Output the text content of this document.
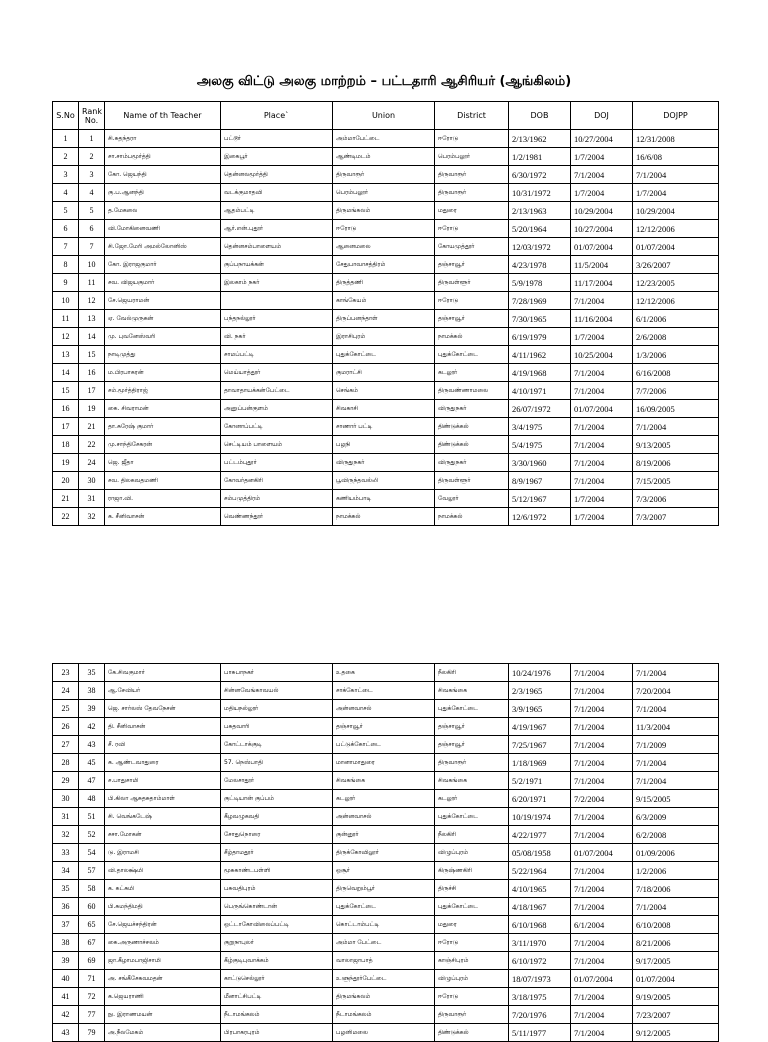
அலகு விட்டு அலகு மாற்றம் – பட்டதாரி ஆசிரியர் (ஆங்கிலம்)
S.No	Rank No.	Name of th Teacher	Place`	Union	District	DOB	DOJ	DOJPP
1	1	சி.சுதந்தரா	பட்டூர்	அம்மாபேட்டை	ஈரோடு	2/13/1962	10/27/2004	12/31/2008
2	2	சா.சாம்பமூர்த்தி	இகைபூர்	ஆண்டிமடம்	பெரம்பலூர்	1/2/1981	1/7/2004	16/6/08
3	3	கோ. ஜெயந்தி	தென்னலமூர்த்தி	திருவாரூர்	திருவாரூர்	6/30/1972	7/1/2004	7/1/2004
4	4	கு.ப.ஆனந்தி	வடக்குமாதவி	பெரம்பலூர்	திருவாரூர்	10/31/1972	1/7/2004	1/7/2004
5	5	த.மேகலை	ஆதம்பட்டி	திருமங்கலம்	மதுரை	2/13/1963	10/29/2004	10/29/2004
6	6	வி.மோகினைவணி	ஆர்.என்.புதூர்	ஈரோடு	ஈரோடு	5/20/1964	10/27/2004	12/12/2006
7	7	சி.ஜோ.மேரி அமல்லோனிஸ்	தென்னசம்பாளையம்	ஆனைமலை	கோயமுத்தூர்	12/03/1972	01/07/2004	01/07/2004
8	10	கோ. இராஜகுமார்	குப்பநாயக்கன்	சேதுபாவாசத்திரம்	தஞ்சாவூர்	4/23/1978	11/5/2004	3/26/2007
9	11	சவ. விஜயகுமார்	இலகாம் நகர்	திருத்தணி	திருவள்ளூர்	5/9/1978	11/17/2004	12/23/2005
10	12	சே.ஜெயராமன்		காங்கேயம்	ஈரோடு	7/28/1969	7/1/2004	12/12/2006
11	13	ஏ. வேல்முருகன்	பந்தநல்லூர்	திருப்பனந்தாள்	தஞ்சாவூர்	7/30/1965	11/16/2004	6/1/2006
12	14	மு. புவனேஸ்வரி	வி. நகர்	இராசிபுரம்	நாமக்கல்	6/19/1979	1/7/2004	2/6/2008
13	15	நாடிமுத்து	சாமப்பட்டி	புதுக்கோட்டை	புதுக்கோட்டை	4/11/1962	10/25/2004	1/3/2006
14	16	ம.பிரபாகரன்	மெய்யாத்தூர்	குமராட்சி	கடலூர்	4/19/1968	7/1/2004	6/16/2008
15	17	சம்.மூர்த்திராஜ்	தாவாதாயக்கன்பேட்டை	செங்கம்	திருவண்ணாமலை	4/10/1971	7/1/2004	7/7/2006
16	19	கை. சிவராமன்	அனுப்பன்குளம்	சிவகாசி	விருதுநகர்	26/07/1972	01/07/2004	16/09/2005
17	21	தா.சுரேஷ் குமார்	கோனாப்பட்டி	சாணார் பட்டி	திண்டுக்கல்	3/4/1975	7/1/2004	7/1/2004
18	22	மு.சாந்திசேகரன்	செட்டியம் பாளையம்	பழநி	திண்டுக்கல்	5/4/1975	7/1/2004	9/13/2005
19	24	ஜெ. ஜீதா	பட்டம்புதூர்	விருதுநகர்	விருதுநகர்	3/30/1960	7/1/2004	8/19/2006
20	30	சவ. திலகவதமணி	கோவர்தனகிரி	பூவிருந்தவல்லி	திருவள்ளூர்	8/9/1967	7/1/2004	7/15/2005
21	31	ராஜா.வி.	சம்பமுத்திரம்	கணியம்பாடி	வேலூர்	5/12/1967	1/7/2004	7/3/2006
22	32	க. சீனிவாசன்	வெண்ணந்தூர்	நாமக்கல்	நாமக்கல்	12/6/1972	1/7/2004	7/3/2007
23	35	கே.சிவகுமார்	பாசுபாநகர்	உதகை	நீலகிரி	10/24/1976	7/1/2004	7/1/2004
24	38	ஆ.சேவியர்	சின்னவேங்காவயல்	சாக்கோட்டை	சிவகங்கை	2/3/1965	7/1/2004	7/20/2004
25	39	ஜெ. சார்லஸ் தேவநேசன்	மதியநல்லூர்	அன்னவாசல்	புதுக்கோட்டை	3/9/1965	7/1/2004	7/1/2004
26	42	தி. சீனிவாசன்	பசுதவாரி	தஞ்சாவூர்	தஞ்சாவூர்	4/19/1967	7/1/2004	11/3/2004
27	43	சீ. ரவி	கோட்டாக்குடி	பட்டுக்கோட்டை	தஞ்சாவூர்	7/25/1967	7/1/2004	7/1/2009
28	45	க. ஆண்டவாதுரை	57. நெஸ்பாதி	மானாமாதுரை	திருவாரூர்	1/18/1969	7/1/2004	7/1/2004
29	47	ச.பாதுசாமி	மேலசாதூர்	சிவகங்கை	சிவகங்கை	5/2/1971	7/1/2004	7/1/2004
30	48	பி.கிலா ஆசுதசுதாம்மாள்	குட்டியான் குப்பம்	கடலூர்	கடலூர்	6/20/1971	7/2/2004	9/15/2005
31	51	சி. வெங்கடேஷ்	கீழவழுகவதி	அன்னவாசல்	புதுக்கோட்டை	10/19/1974	7/1/2004	6/3/2009
32	52	சசா.மோகன்	சோதுநொரை	குன்னூர்	நீலகிரி	4/22/1977	7/1/2004	6/2/2008
33	54	டு. இராமசி	சீழ்தாமதூர்	திருக்கோவிலூர்	விழுப்புரம்	05/08/1958	01/07/2004	01/09/2006
34	57	வி.தாலக்ஷ்மி	மூசுகாண்டபள்ளி	ஒசூர்	கிருஷ்ணகிரி	5/22/1964	7/1/2004	1/2/2006
35	58	க. கட்சுமி	பசுவதிபுரம்	திருவெறும்பூர்	திருச்சி	4/10/1965	7/1/2004	7/18/2006
36	60	பி.சுமந்திமதி	பெருங்கொண்டான்	புதுக்கோட்டை	புதுக்கோட்டை	4/18/1967	7/1/2004	7/1/2004
37	65	சே.ஜெயச்சந்திரன்	ஒட்டாகோவிலைப்பட்டி	கொட்டாம்பட்டி	மதுரை	6/10/1968	6/1/2004	6/10/2008
38	67	கை.அருணாச்சலம்	குறுநாபுலர்	அம்மா பேட்டை	ஈரோடு	3/11/1970	7/1/2004	8/21/2006
39	69	ஜா.கீழாமபாஜிசாமி	கீழ்குடிபுவாக்கம்	வாலாஜாபாத்	காஞ்சிபுரம்	6/10/1972	7/1/2004	9/17/2005
40	71	அ. சங்கீசேகவமதன்	காட்டுசெல்லூர்	உளுந்தூர்பேட்டை	விழுப்புரம்	18/07/1973	01/07/2004	01/07/2004
41	72	க.ஜெயராணி	மீனாட்சிபட்டி	திருமங்கலம்	ஈரோடு	3/18/1975	7/1/2004	9/19/2005
42	77	நு. இராணமயன்	நீடாமங்கலம்	நீடாமங்கலம்	திருவாரூர்	7/20/1976	7/1/2004	7/23/2007
43	79	அ.நீலமேகம்	பிரபாகரபுரம்	பழனிமலை	திண்டுக்கல்	5/11/1977	7/1/2004	9/12/2005
